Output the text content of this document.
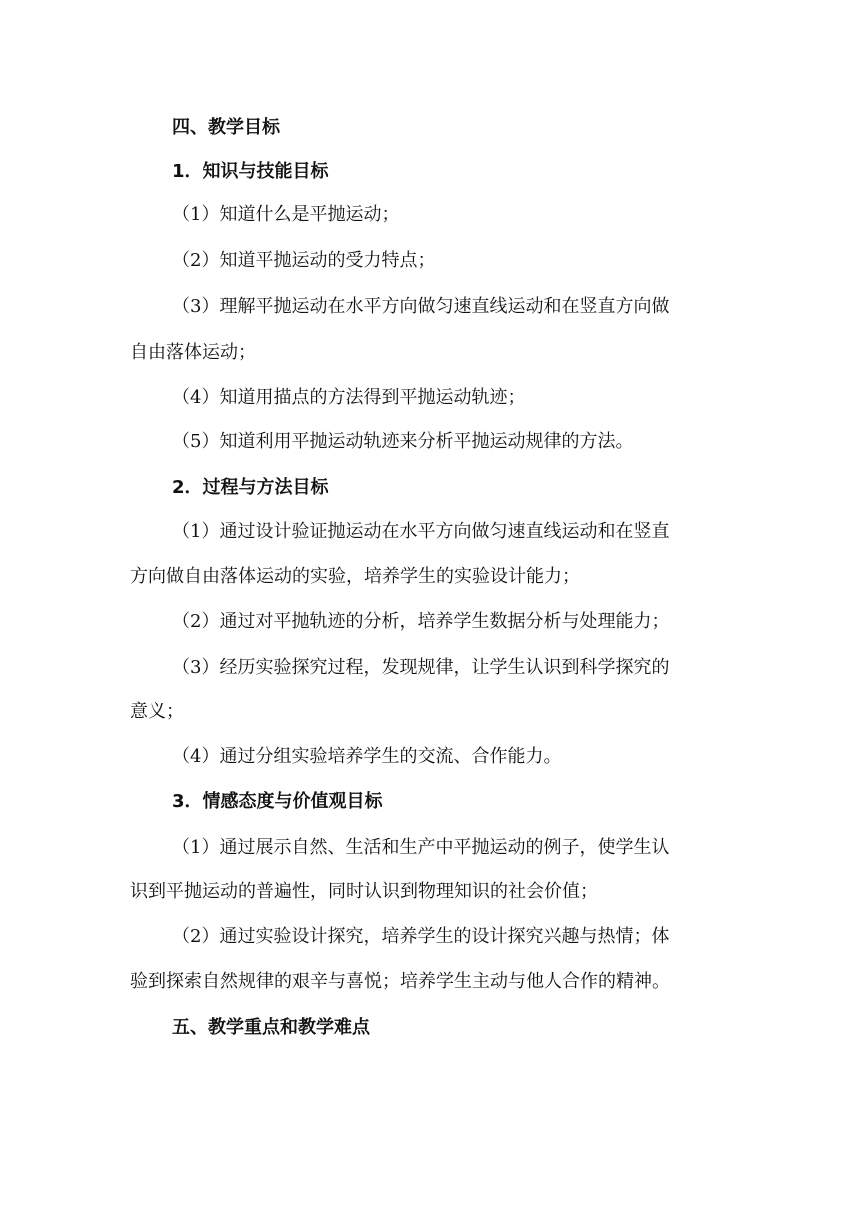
四、教学目标
1．知识与技能目标
（1）知道什么是平抛运动；
（2）知道平抛运动的受力特点；
（3）理解平抛运动在水平方向做匀速直线运动和在竖直方向做
自由落体运动；
（4）知道用描点的方法得到平抛运动轨迹；
（5）知道利用平抛运动轨迹来分析平抛运动规律的方法。
2．过程与方法目标
（1）通过设计验证抛运动在水平方向做匀速直线运动和在竖直
方向做自由落体运动的实验，培养学生的实验设计能力；
（2）通过对平抛轨迹的分析，培养学生数据分析与处理能力；
（3）经历实验探究过程，发现规律，让学生认识到科学探究的
意义；
（4）通过分组实验培养学生的交流、合作能力。
3．情感态度与价值观目标
（1）通过展示自然、生活和生产中平抛运动的例子，使学生认
识到平抛运动的普遍性，同时认识到物理知识的社会价值；
（2）通过实验设计探究，培养学生的设计探究兴趣与热情；体
验到探索自然规律的艰辛与喜悦；培养学生主动与他人合作的精神。
五、教学重点和教学难点
